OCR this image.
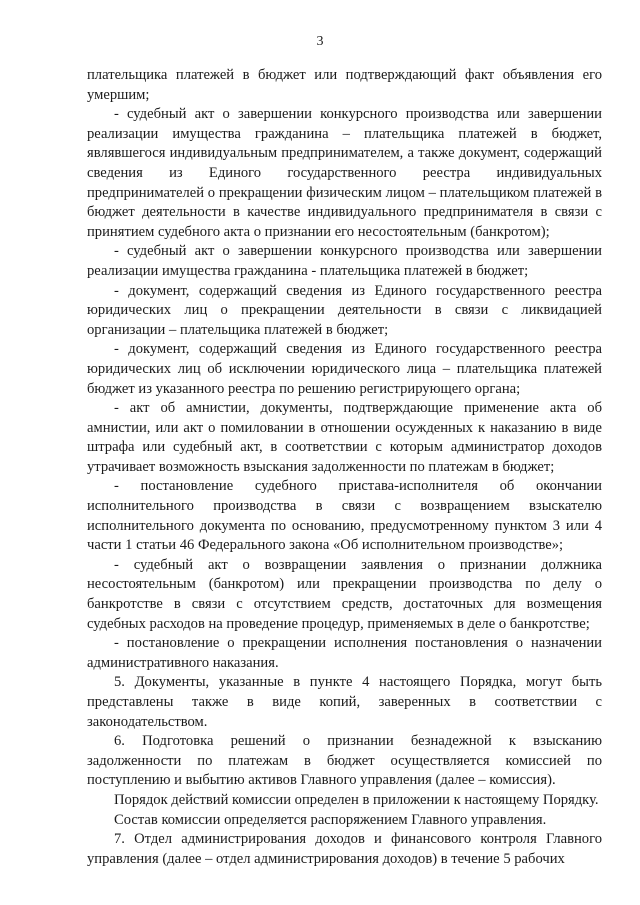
3

плательщика платежей в бюджет или подтверждающий факт объявления его умершим;

- судебный акт о завершении конкурсного производства или завершении реализации имущества гражданина – плательщика платежей в бюджет, являвшегося индивидуальным предпринимателем, а также документ, содержащий сведения из Единого государственного реестра индивидуальных предпринимателей о прекращении физическим лицом – плательщиком платежей в бюджет деятельности в качестве индивидуального предпринимателя в связи с принятием судебного акта о признании его несостоятельным (банкротом);

- судебный акт о завершении конкурсного производства или завершении реализации имущества гражданина - плательщика платежей в бюджет;

- документ, содержащий сведения из Единого государственного реестра юридических лиц о прекращении деятельности в связи с ликвидацией организации – плательщика платежей в бюджет;

- документ, содержащий сведения из Единого государственного реестра юридических лиц об исключении юридического лица – плательщика платежей бюджет из указанного реестра по решению регистрирующего органа;

- акт об амнистии, документы, подтверждающие применение акта об амнистии, или акт о помиловании в отношении осужденных к наказанию в виде штрафа или судебный акт, в соответствии с которым администратор доходов утрачивает возможность взыскания задолженности по платежам в бюджет;

- постановление судебного пристава-исполнителя об окончании исполнительного производства в связи с возвращением взыскателю исполнительного документа по основанию, предусмотренному пунктом 3 или 4 части 1 статьи 46 Федерального закона «Об исполнительном производстве»;

- судебный акт о возвращении заявления о признании должника несостоятельным (банкротом) или прекращении производства по делу о банкротстве в связи с отсутствием средств, достаточных для возмещения судебных расходов на проведение процедур, применяемых в деле о банкротстве;

- постановление о прекращении исполнения постановления о назначении административного наказания.

5. Документы, указанные в пункте 4 настоящего Порядка, могут быть представлены также в виде копий, заверенных в соответствии с законодательством.

6. Подготовка решений о признании безнадежной к взысканию задолженности по платежам в бюджет осуществляется комиссией по поступлению и выбытию активов Главного управления (далее – комиссия).

Порядок действий комиссии определен в приложении к настоящему Порядку.

Состав комиссии определяется распоряжением Главного управления.

7. Отдел администрирования доходов и финансового контроля Главного управления (далее – отдел администрирования доходов) в течение 5 рабочих
